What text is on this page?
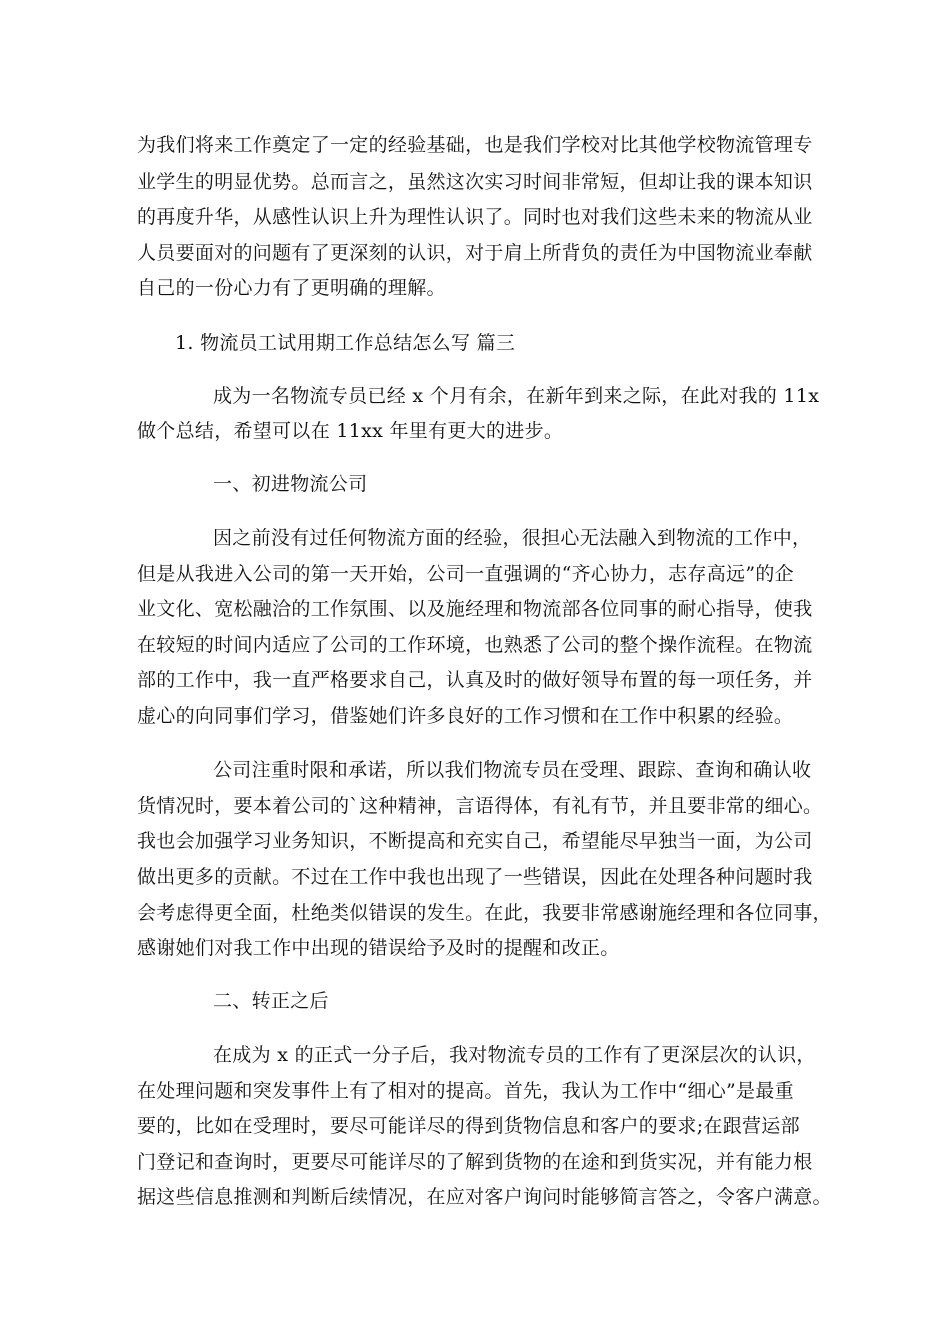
为我们将来工作奠定了一定的经验基础，也是我们学校对比其他学校物流管理专
业学生的明显优势。总而言之，虽然这次实习时间非常短，但却让我的课本知识
的再度升华，从感性认识上升为理性认识了。同时也对我们这些未来的物流从业
人员要面对的问题有了更深刻的认识，对于肩上所背负的责任为中国物流业奉献
自己的一份心力有了更明确的理解。
1. 物流员工试用期工作总结怎么写 篇三
成为一名物流专员已经 x 个月有余，在新年到来之际，在此对我的 11x
做个总结，希望可以在 11xx 年里有更大的进步。
一、初进物流公司
因之前没有过任何物流方面的经验，很担心无法融入到物流的工作中，
但是从我进入公司的第一天开始，公司一直强调的“齐心协力，志存高远”的企
业文化、宽松融洽的工作氛围、以及施经理和物流部各位同事的耐心指导，使我
在较短的时间内适应了公司的工作环境，也熟悉了公司的整个操作流程。在物流
部的工作中，我一直严格要求自己，认真及时的做好领导布置的每一项任务，并
虚心的向同事们学习，借鉴她们许多良好的工作习惯和在工作中积累的经验。
公司注重时限和承诺，所以我们物流专员在受理、跟踪、查询和确认收
货情况时，要本着公司的`这种精神，言语得体，有礼有节，并且要非常的细心。
我也会加强学习业务知识，不断提高和充实自己，希望能尽早独当一面，为公司
做出更多的贡献。不过在工作中我也出现了一些错误，因此在处理各种问题时我
会考虑得更全面，杜绝类似错误的发生。在此，我要非常感谢施经理和各位同事，
感谢她们对我工作中出现的错误给予及时的提醒和改正。
二、转正之后
在成为 x 的正式一分子后，我对物流专员的工作有了更深层次的认识，
在处理问题和突发事件上有了相对的提高。首先，我认为工作中“细心”是最重
要的，比如在受理时，要尽可能详尽的得到货物信息和客户的要求;在跟营运部
门登记和查询时，更要尽可能详尽的了解到货物的在途和到货实况，并有能力根
据这些信息推测和判断后续情况，在应对客户询问时能够简言答之，令客户满意。
